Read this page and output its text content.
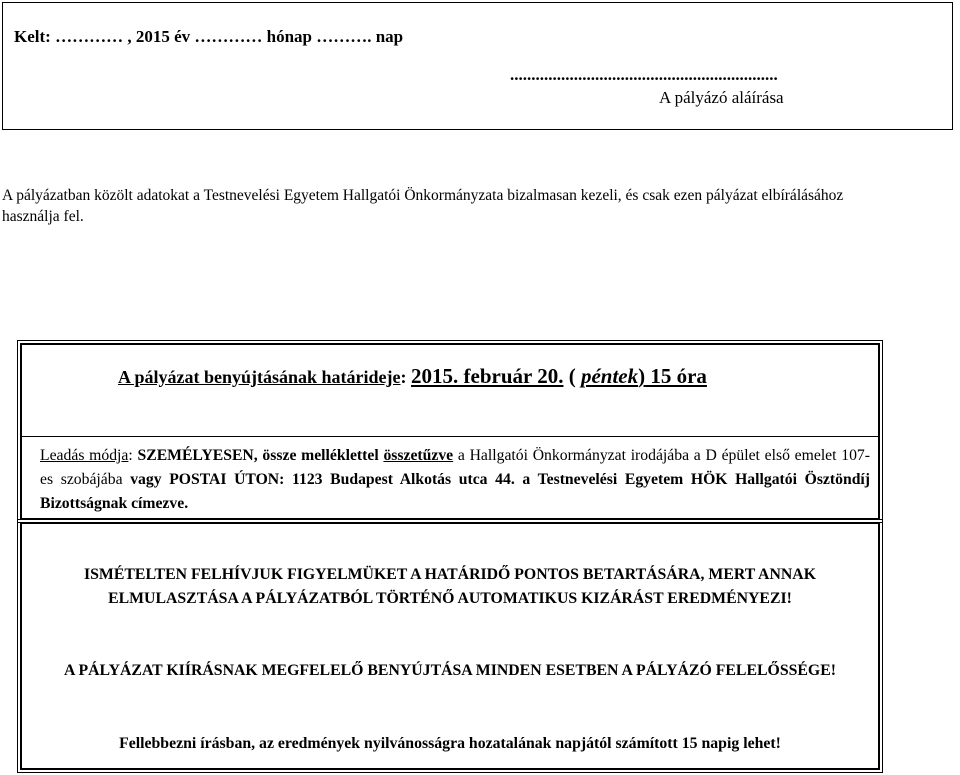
Kelt: ………… , 2015 év ………… hónap ………. nap
...............................................................
A pályázó aláírása
A pályázatban közölt adatokat a Testnevelési Egyetem Hallgatói Önkormányzata bizalmasan kezeli, és csak ezen pályázat elbírálásához használja fel.
A pályázat benyújtásának határideje: 2015. február 20. ( péntek) 15 óra
Leadás módja: SZEMÉLYESEN, össze melléklettel összetűzve a Hallgatói Önkormányzat irodájába a D épület első emelet 107-es szobájába vagy POSTAI ÚTON: 1123 Budapest Alkotás utca 44. a Testnevelési Egyetem HÖK Hallgatói Ösztöndíj Bizottságnak címezve.
ISMÉTELTEN FELHÍVJUK FIGYELMÜKET A HATÁRIDŐ PONTOS BETARTÁSÁRA, MERT ANNAK ELMULASZTÁSA A PÁLYÁZATBÓL TÖRTÉNŐ AUTOMATIKUS KIZÁRÁST EREDMÉNYEZI!
A PÁLYÁZAT KIÍRÁSNAK MEGFELELŐ BENYÚJTÁSA MINDEN ESETBEN A PÁLYÁZÓ FELELŐSSÉGE!
Fellebbezni írásban, az eredmények nyilvánosságra hozatalának napjától számított 15 napig lehet!
